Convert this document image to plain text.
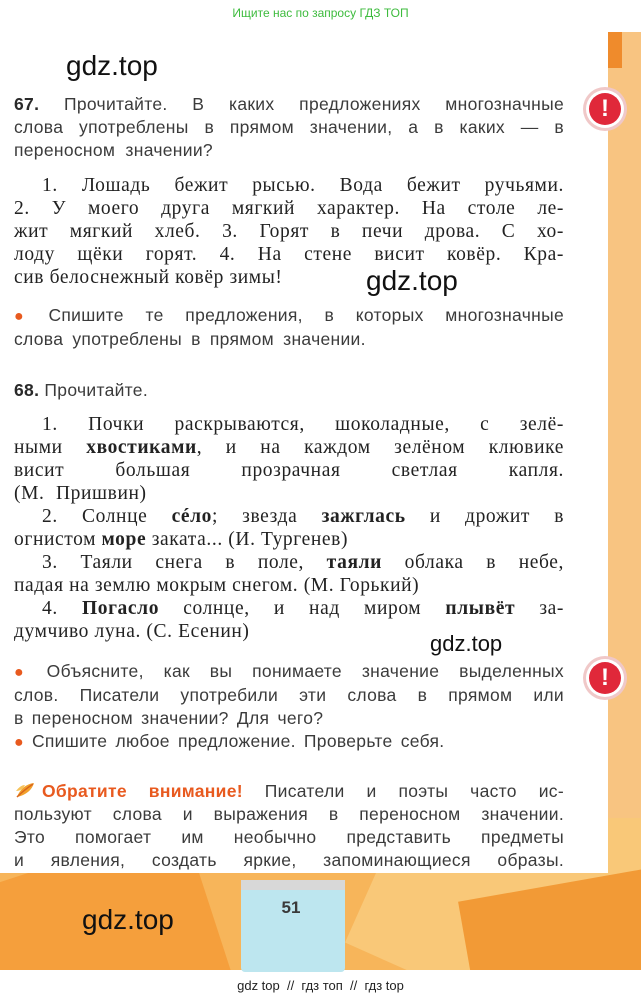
Ищите нас по запросу ГДЗ ТОП
gdz.top
67. Прочитайте. В каких предложениях многозначные
слова употреблены в прямом значении, а в каких — в
переносном значении?
!
1. Лошадь бежит рысью. Вода бежит ручьями.
2. У моего друга мягкий характер. На столе ле-
жит мягкий хлеб. 3. Горят в печи дрова. С хо-
лоду щёки горят. 4. На стене висит ковёр. Кра-
сив белоснежный ковёр зимы!	gdz.top
● Спишите те предложения, в которых многозначные
слова употреблены в прямом значении.
68. Прочитайте.
1. Почки раскрываются, шоколадные, с зелё-
ными хвостиками, и на каждом зелёном клювике
висит большая прозрачная светлая капля.
(М. Пришвин)
2. Солнце сéло; звезда зажглась и дрожит в
огнистом море заката... (И. Тургенев)
3. Таяли снега в поле, таяли облака в небе,
падая на землю мокрым снегом. (М. Горький)
4. Погасло солнце, и над миром плывёт за-
думчиво луна. (С. Есенин)	gdz.top
!
● Объясните, как вы понимаете значение выделенных
слов. Писатели употребили эти слова в прямом или
в переносном значении? Для чего?
● Спишите любое предложение. Проверьте себя.
Обратите внимание! Писатели и поэты часто ис-
пользуют слова и выражения в переносном значении.
Это помогает им необычно представить предметы
и явления, создать яркие, запоминающиеся образы.
51
gdz.top
gdz top  //  гдз топ  //  гдз top
